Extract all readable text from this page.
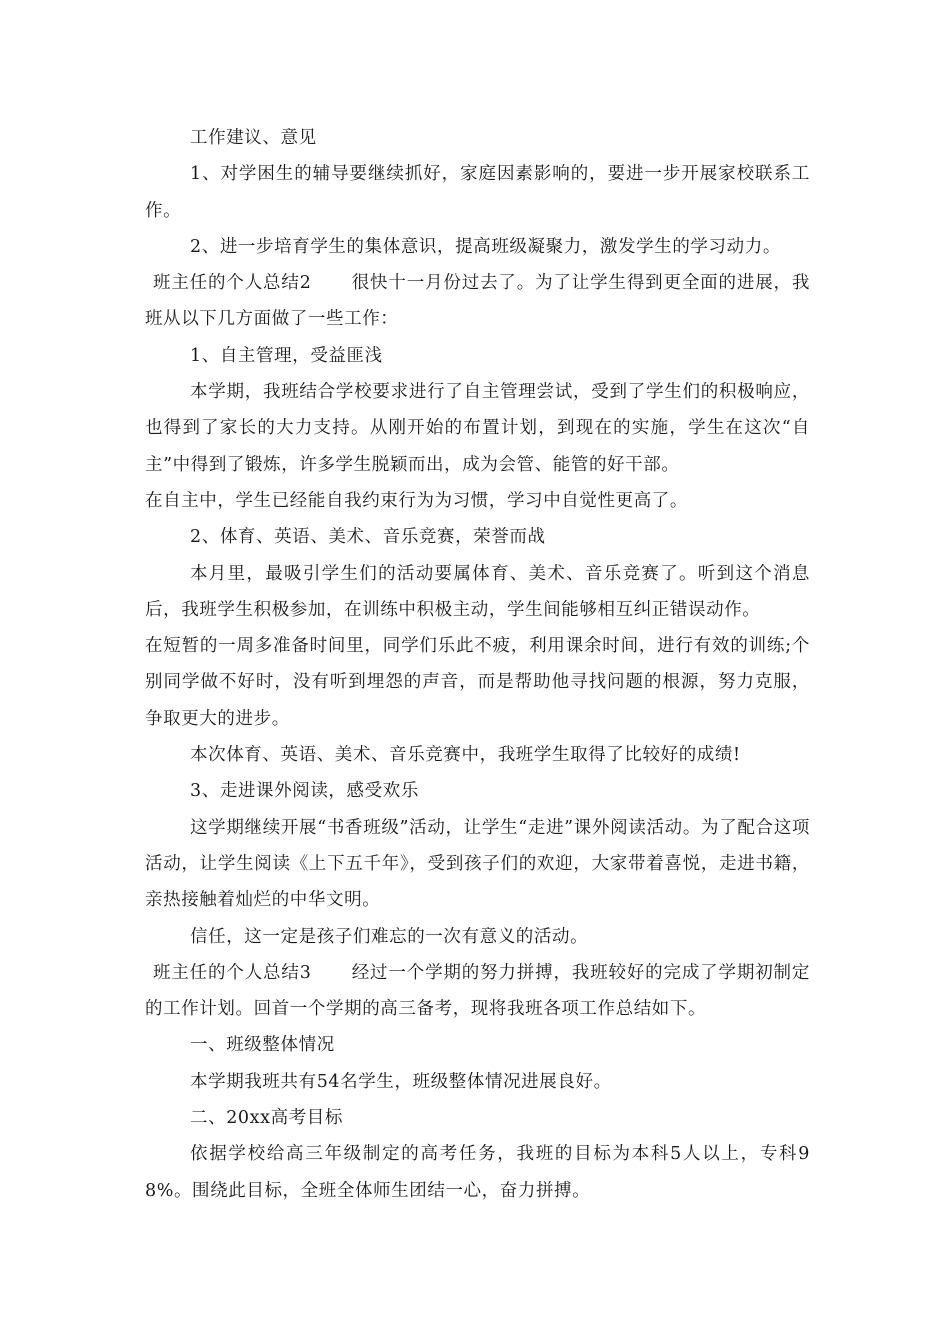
工作建议、意见

1、对学困生的辅导要继续抓好，家庭因素影响的，要进一步开展家校联系工作。

2、进一步培育学生的集体意识，提高班级凝聚力，激发学生的学习动力。

班主任的个人总结2 很快十一月份过去了。为了让学生得到更全面的进展，我班从以下几方面做了一些工作：

1、自主管理，受益匪浅

本学期，我班结合学校要求进行了自主管理尝试，受到了学生们的积极响应，也得到了家长的大力支持。从刚开始的布置计划，到现在的实施，学生在这次“自主”中得到了锻炼，许多学生脱颖而出，成为会管、能管的好干部。

在自主中，学生已经能自我约束行为为习惯，学习中自觉性更高了。

2、体育、英语、美术、音乐竞赛，荣誉而战

本月里，最吸引学生们的活动要属体育、美术、音乐竞赛了。听到这个消息后，我班学生积极参加，在训练中积极主动，学生间能够相互纠正错误动作。

在短暂的一周多准备时间里，同学们乐此不疲，利用课余时间，进行有效的训练;个别同学做不好时，没有听到埋怨的声音，而是帮助他寻找问题的根源，努力克服，争取更大的进步。

本次体育、英语、美术、音乐竞赛中，我班学生取得了比较好的成绩!

3、走进课外阅读，感受欢乐

这学期继续开展“书香班级”活动，让学生“走进”课外阅读活动。为了配合这项活动，让学生阅读《上下五千年》，受到孩子们的欢迎，大家带着喜悦，走进书籍，亲热接触着灿烂的中华文明。

信任，这一定是孩子们难忘的一次有意义的活动。

班主任的个人总结3 经过一个学期的努力拼搏，我班较好的完成了学期初制定的工作计划。回首一个学期的高三备考，现将我班各项工作总结如下。

一、班级整体情况

本学期我班共有54名学生，班级整体情况进展良好。

二、20xx高考目标

依据学校给高三年级制定的高考任务，我班的目标为本科5人以上，专科98%。围绕此目标，全班全体师生团结一心，奋力拼搏。
